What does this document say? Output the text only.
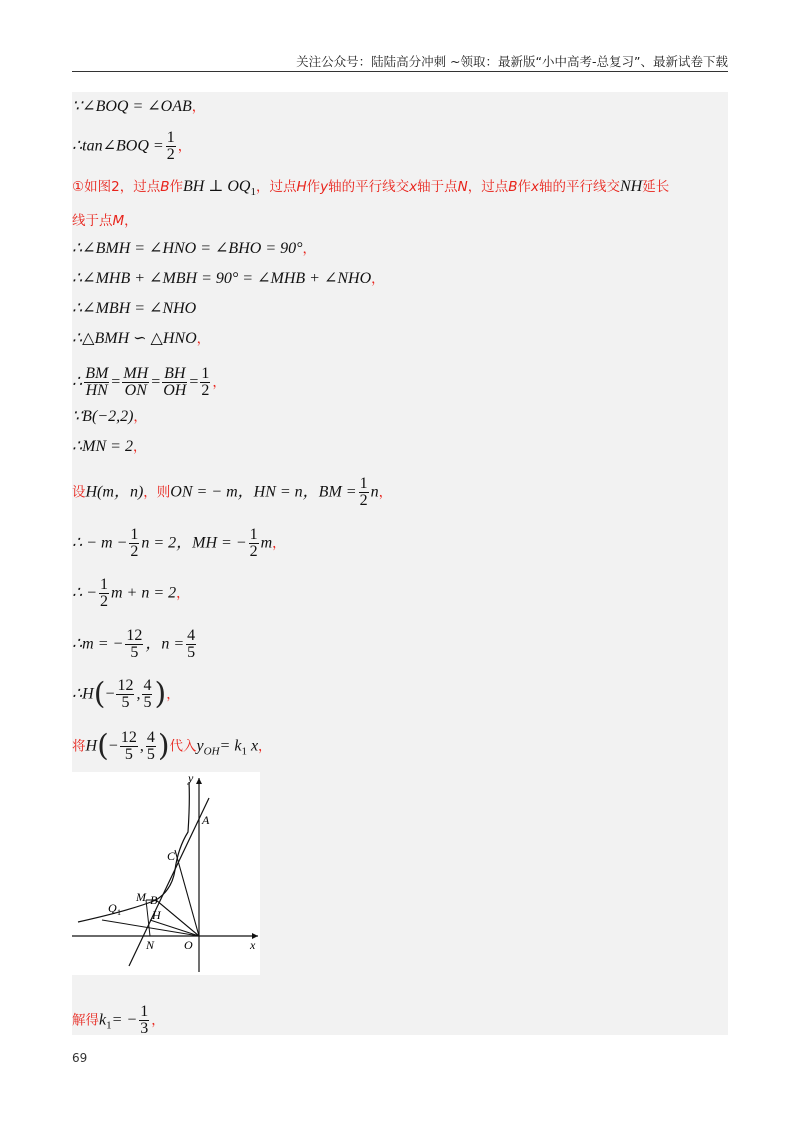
关注公众号：陆陆高分冲刺 ~领取：最新版“小中高考-总复习”、最新试卷下载
∵∠BOQ = ∠OAB，
∴tan∠BOQ = $\frac{1}{2}$ ，
①如图2，过点B作BH ⊥ $OQ_1$，过点H作y轴的平行线交x轴于点N，过点B作x轴的平行线交NH延长
线于点M，
∴∠BMH = ∠HNO = ∠BHO = 90°，
∴∠MHB + ∠MBH = 90° = ∠MHB + ∠NHO，
∴∠MBH = ∠NHO
∴△BMH ∽ △HNO，
∴ $\frac{BM}{HN} = \frac{MH}{ON} = \frac{BH}{OH} = \frac{1}{2}$ ，
∵B(−2,2)，
∴MN = 2，
设H(m，n)，则ON = − m，HN = n，BM = $\frac{1}{2}$ n，
∴ − $m - \frac{1}{2}$ n = 2，MH = − $\frac{1}{2}$ m，
∴ − $\frac{1}{2}$ m + n = 2，
∴m = − $\frac{12}{5}$ ，$n = \frac{4}{5}$
∴H(− $\frac{12}{5}$ , $\frac{4}{5}$ )，
将$H(- \frac{12}{5}$ , $\frac{4}{5}$ )代入$y_{OH}= k_1$ x，
y
x
A
C
M B
H
Q 1
N O
解得$k_1= - \frac{1}{3}$ ，
69
